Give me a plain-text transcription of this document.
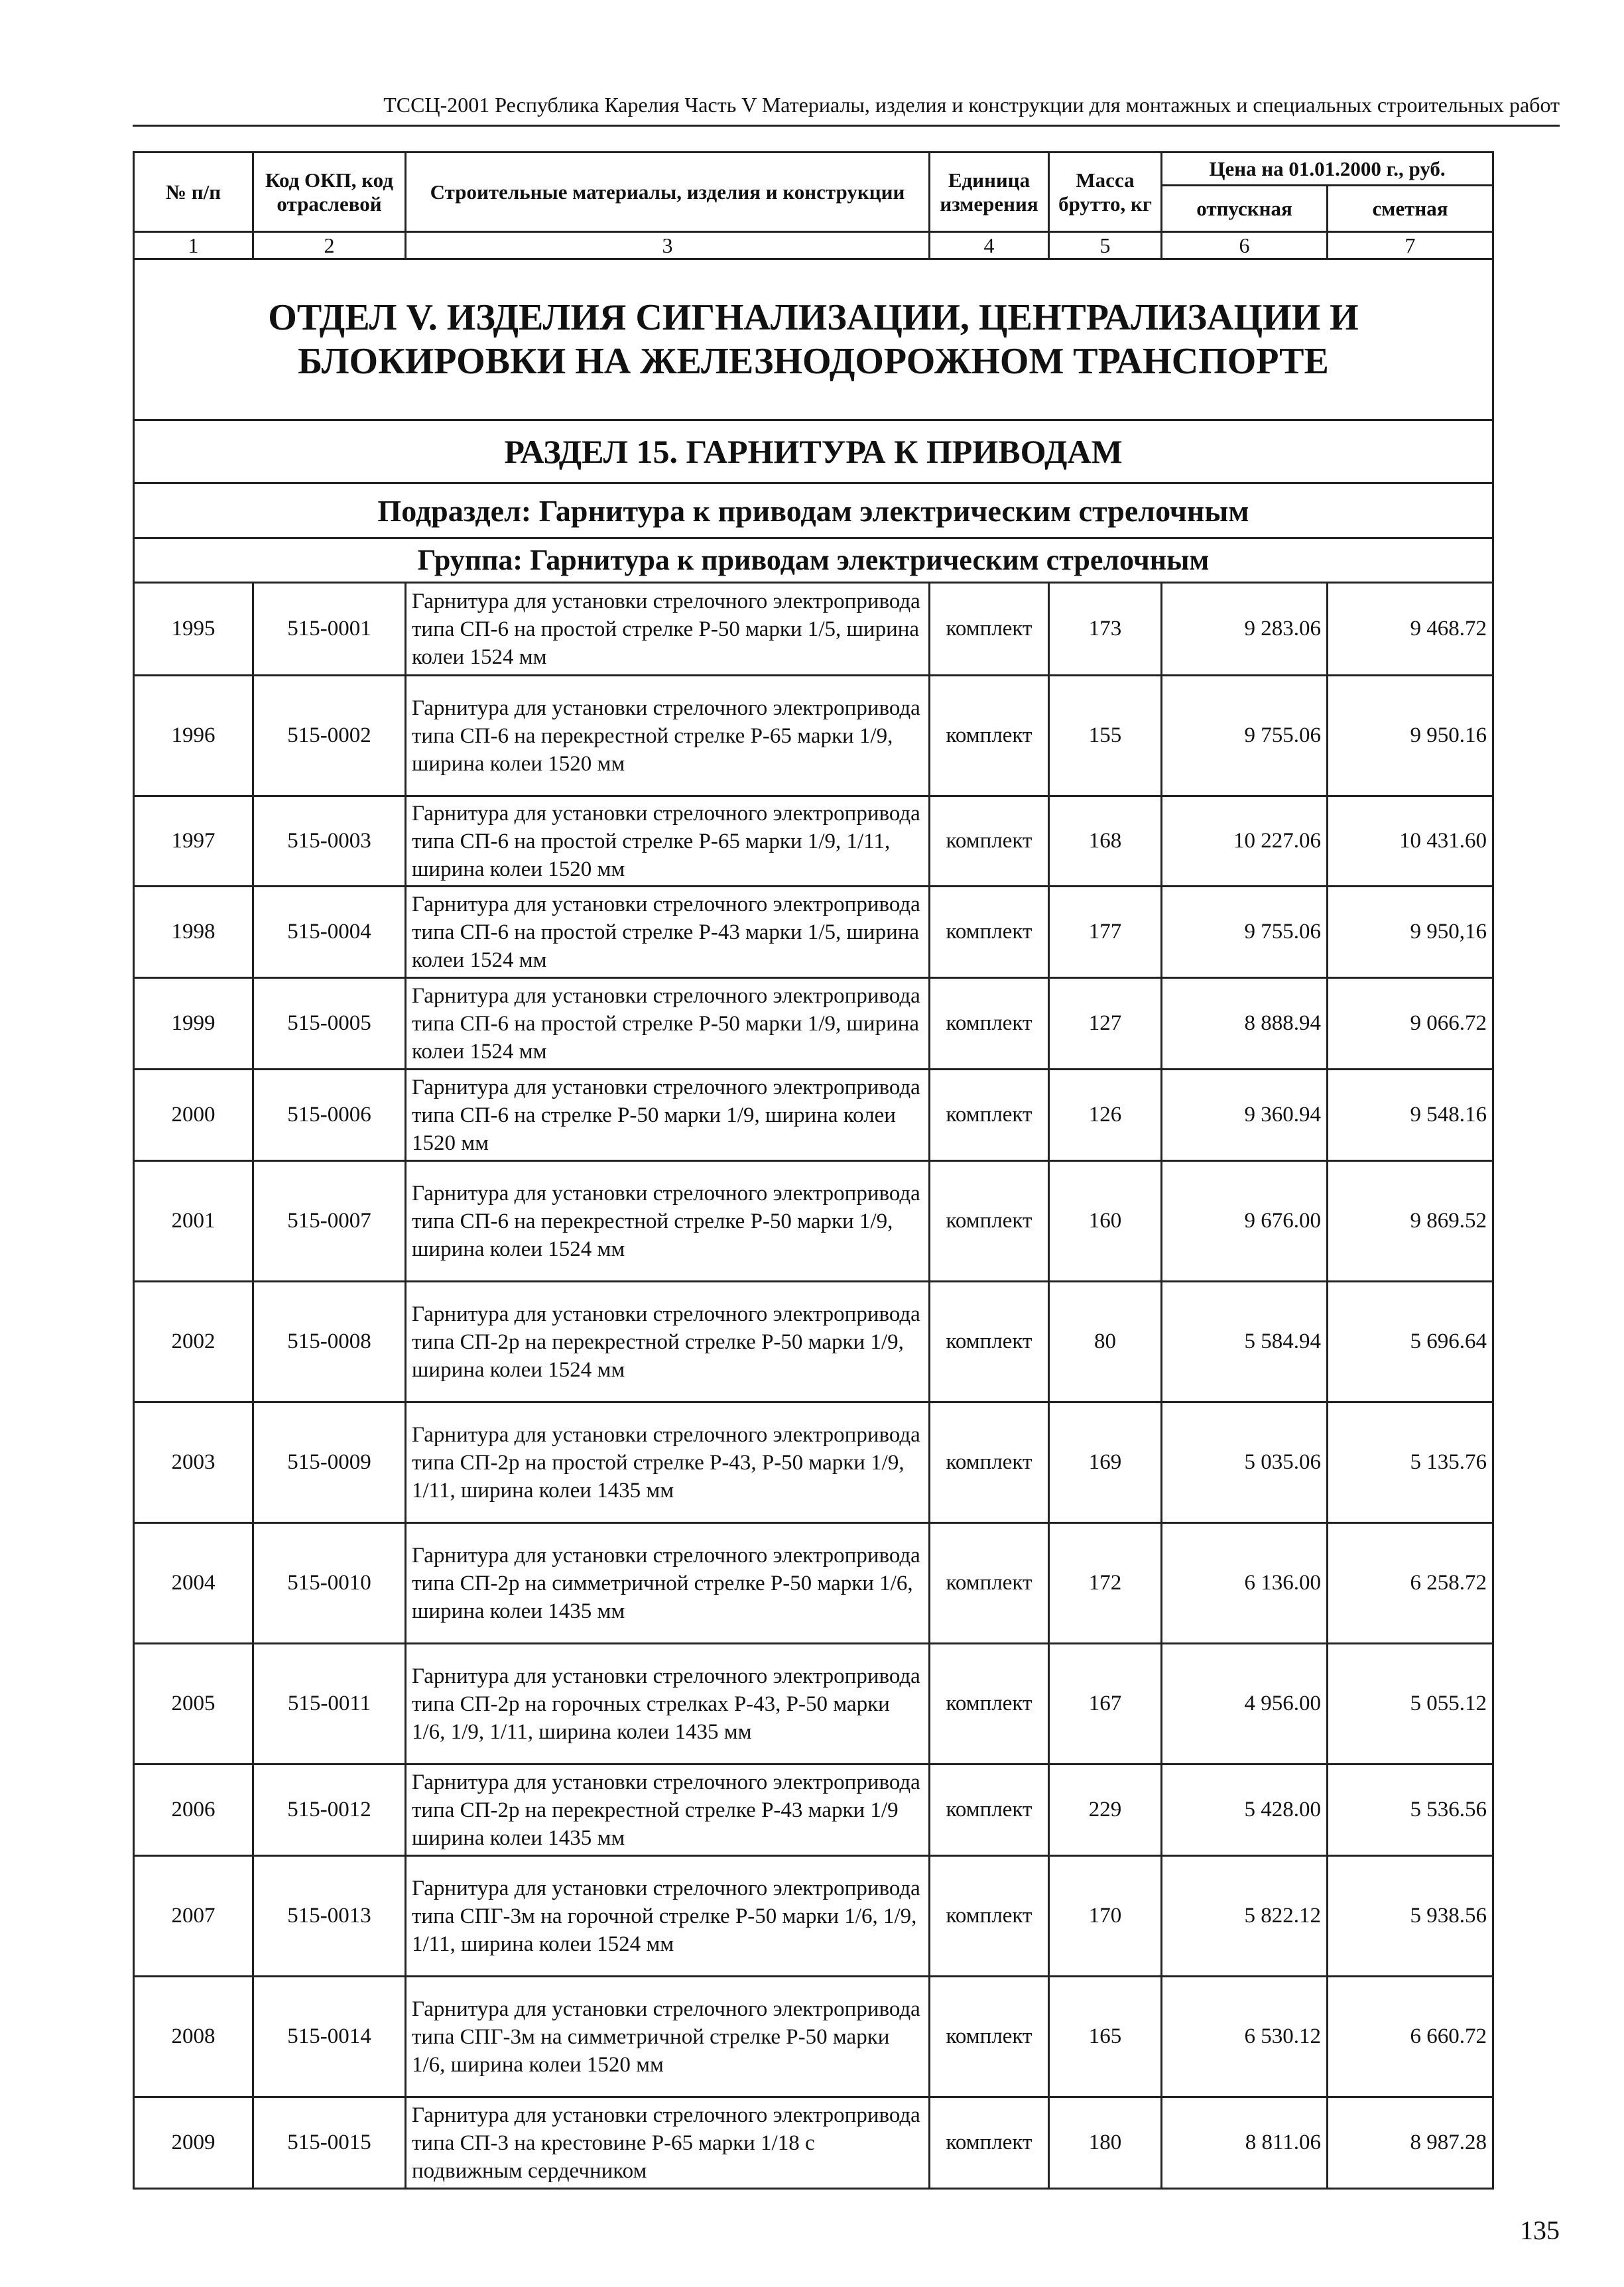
ТССЦ-2001 Республика Карелия Часть V Материалы, изделия и конструкции для монтажных и специальных строительных работ
№ п/п	Код ОКП, код отраслевой	Строительные материалы, изделия и конструкции	Единица измерения	Масса брутто, кг	Цена на 01.01.2000 г., руб.	
					отпускная	сметная
1	2	3	4	5	6	7
ОТДЕЛ V. ИЗДЕЛИЯ СИГНАЛИЗАЦИИ, ЦЕНТРАЛИЗАЦИИ И БЛОКИРОВКИ НА ЖЕЛЕЗНОДОРОЖНОМ ТРАНСПОРТЕ						
РАЗДЕЛ 15. ГАРНИТУРА К ПРИВОДАМ						
Подраздел: Гарнитура к приводам электрическим стрелочным						
Группа: Гарнитура к приводам электрическим стрелочным						
1995	515-0001	Гарнитура для установки стрелочного электропривода типа СП-6 на простой стрелке Р-50 марки 1/5, ширина колеи 1524 мм	комплект	173	9 283.06	9 468.72
1996	515-0002	Гарнитура для установки стрелочного электропривода типа СП-6 на перекрестной стрелке Р-65 марки 1/9, ширина колеи 1520 мм	комплект	155	9 755.06	9 950.16
1997	515-0003	Гарнитура для установки стрелочного электропривода типа СП-6 на простой стрелке Р-65 марки 1/9, 1/11, ширина колеи 1520 мм	комплект	168	10 227.06	10 431.60
1998	515-0004	Гарнитура для установки стрелочного электропривода типа СП-6 на простой стрелке Р-43 марки 1/5, ширина колеи 1524 мм	комплект	177	9 755.06	9 950,16
1999	515-0005	Гарнитура для установки стрелочного электропривода типа СП-6 на простой стрелке Р-50 марки 1/9, ширина колеи 1524 мм	комплект	127	8 888.94	9 066.72
2000	515-0006	Гарнитура для установки стрелочного электропривода типа СП-6 на стрелке Р-50 марки 1/9, ширина колеи 1520 мм	комплект	126	9 360.94	9 548.16
2001	515-0007	Гарнитура для установки стрелочного электропривода типа СП-6 на перекрестной стрелке Р-50 марки 1/9, ширина колеи 1524 мм	комплект	160	9 676.00	9 869.52
2002	515-0008	Гарнитура для установки стрелочного электропривода типа СП-2р на перекрестной стрелке Р-50 марки 1/9, ширина колеи 1524 мм	комплект	80	5 584.94	5 696.64
2003	515-0009	Гарнитура для установки стрелочного электропривода типа СП-2р на простой стрелке Р-43, Р-50 марки 1/9, 1/11, ширина колеи 1435 мм	комплект	169	5 035.06	5 135.76
2004	515-0010	Гарнитура для установки стрелочного электропривода типа СП-2р на симметричной стрелке Р-50 марки 1/6, ширина колеи 1435 мм	комплект	172	6 136.00	6 258.72
2005	515-0011	Гарнитура для установки стрелочного электропривода типа СП-2р на горочных стрелках Р-43, Р-50 марки 1/6, 1/9, 1/11, ширина колеи 1435 мм	комплект	167	4 956.00	5 055.12
2006	515-0012	Гарнитура для установки стрелочного электропривода типа СП-2р на перекрестной стрелке Р-43 марки 1/9 ширина колеи 1435 мм	комплект	229	5 428.00	5 536.56
2007	515-0013	Гарнитура для установки стрелочного электропривода типа СПГ-3м на горочной стрелке Р-50 марки 1/6, 1/9, 1/11, ширина колеи 1524 мм	комплект	170	5 822.12	5 938.56
2008	515-0014	Гарнитура для установки стрелочного электропривода типа СПГ-3м на симметричной стрелке Р-50 марки 1/6, ширина колеи 1520 мм	комплект	165	6 530.12	6 660.72
2009	515-0015	Гарнитура для установки стрелочного электропривода типа СП-3 на крестовине Р-65 марки 1/18 с подвижным сердечником	комплект	180	8 811.06	8 987.28
135
